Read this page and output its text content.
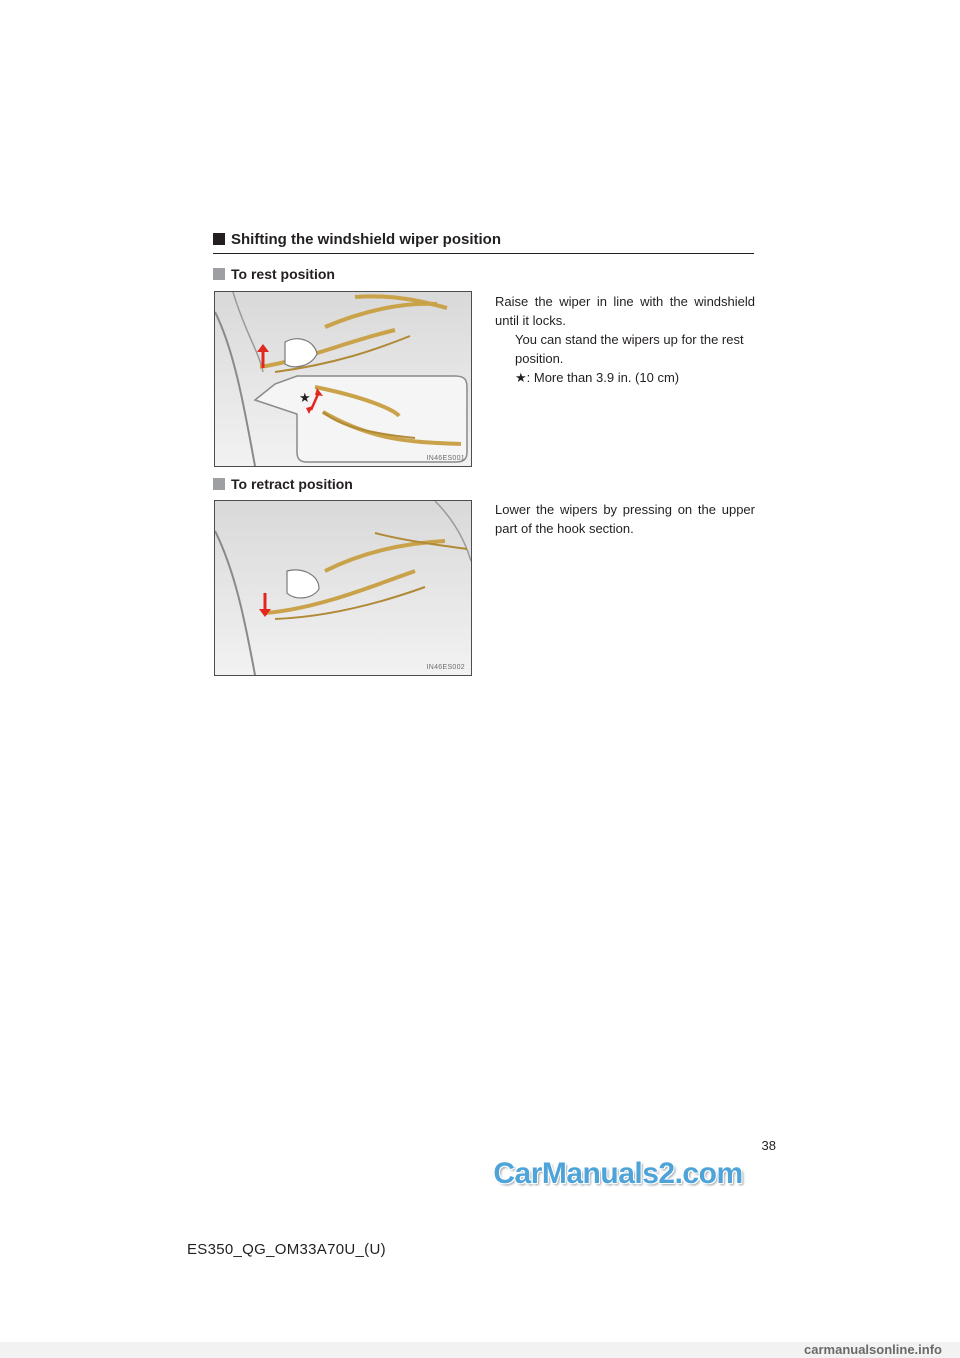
Shifting the windshield wiper position
To rest position
★
IN46ES001
Raise the wiper in line with the windshield until it locks.
You can stand the wipers up for the rest position.
★: More than 3.9 in. (10 cm)
To retract position
IN46ES002
Lower the wipers by pressing on the upper part of the hook section.
38
CarManuals2.com
ES350_QG_OM33A70U_(U)
carmanualsonline.info
